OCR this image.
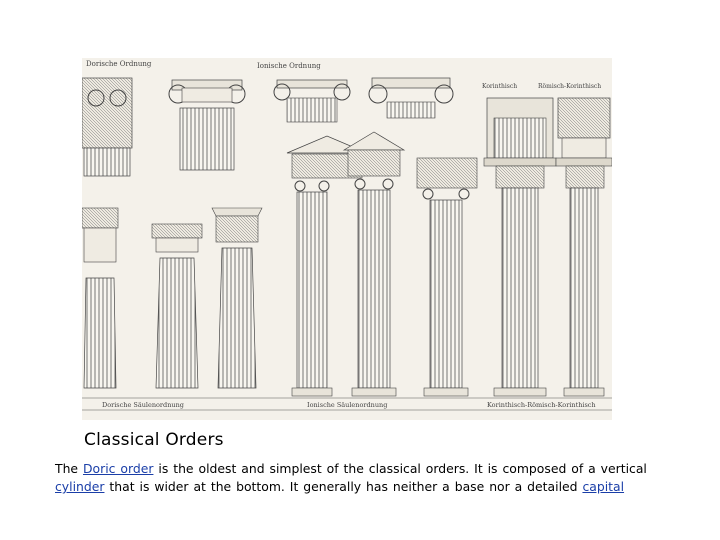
Dorische Ordnung	Ionische Ordnung
Korinthisch	Römisch-Korinthisch
Dorische Säulenordnung	Ionische Säulenordnung	Korinthisch-Römisch-Korinthisch
Classical Orders
The Doric order is the oldest and simplest of the classical orders. It is composed of a vertical cylinder that is wider at the bottom. It generally has neither a base nor a detailed capital
